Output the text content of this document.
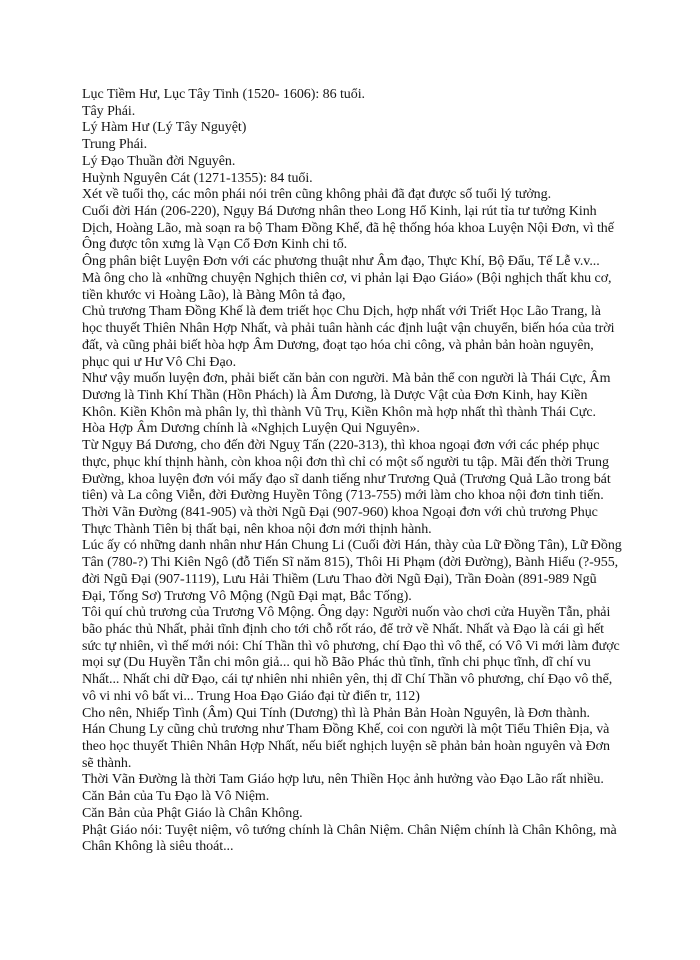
Lục Tiềm Hư, Lục Tây Tinh (1520- 1606): 86 tuổi.
Tây Phái.
Lý Hàm Hư (Lý Tây Nguyệt)
Trung Phái.
Lý Đạo Thuần đời Nguyên.
Huỳnh Nguyên Cát (1271-1355): 84 tuổi.
Xét về tuổi thọ, các môn phái nói trên cũng không phải đã đạt được số tuổi lý tưởng.
Cuối đời Hán (206-220), Ngụy Bá Dương nhân theo Long Hổ Kinh, lại rút tỉa tư tưởng Kinh
Dịch, Hoàng Lão, mà soạn ra bộ Tham Đồng Khế, đã hệ thống hóa khoa Luyện Nội Đơn, vì thế
Ông được tôn xưng là Vạn Cổ Đơn Kinh chi tổ.
Ông phân biệt Luyện Đơn với các phương thuật như Âm đạo, Thực Khí, Bộ Đẩu, Tế Lễ v.v...
Mà ông cho là «những chuyện Nghịch thiên cơ, vi phản lại Đạo Giáo» (Bội nghịch thất khu cơ,
tiền khước vi Hoàng Lão), là Bàng Môn tả đạo,
Chủ trương Tham Đồng Khế là đem triết học Chu Dịch, hợp nhất với Triết Học Lão Trang, là
học thuyết Thiên Nhân Hợp Nhất, và phải tuân hành các định luật vận chuyển, biến hóa của trời
đất, và cũng phải biết hòa hợp Âm Dương, đoạt tạo hóa chi công, và phản bản hoàn nguyên,
phục qui ư Hư Vô Chi Đạo.
Như vậy muốn luyện đơn, phải biết căn bản con người. Mà bản thể con người là Thái Cực, Âm
Dương là Tinh Khí Thần (Hồn Phách) là Âm Dương, là Dược Vật của Đơn Kinh, hay Kiền
Khôn. Kiền Khôn mà phân ly, thì thành Vũ Trụ, Kiền Khôn mà hợp nhất thì thành Thái Cực.
Hòa Hợp Âm Dương chính là «Nghịch Luyện Qui Nguyên».
Từ Ngụy Bá Dương, cho đến đời Nguỵ Tấn (220-313), thì khoa ngoại đơn với các phép phục
thực, phục khí thịnh hành, còn khoa nội đơn thì chỉ có một số người tu tập. Mãi đến thời Trung
Đường, khoa luyện đơn vói mấy đạo sĩ danh tiếng như Trương Quả (Trương Quả Lão trong bát
tiên) và La công Viễn, đời Đường Huyền Tông (713-755) mới làm cho khoa nội đơn tinh tiến.
Thời Vãn Đường (841-905) và thời Ngũ Đại (907-960) khoa Ngoại đơn với chủ trương Phục
Thực Thành Tiên bị thất bại, nên khoa nội đơn mới thịnh hành.
Lúc ấy có những danh nhân như Hán Chung Li (Cuối đời Hán, thày của Lữ Đồng Tân), Lữ Đồng
Tân (780-?) Thi Kiên Ngô (đỗ Tiến Sĩ năm 815), Thôi Hi Phạm (đời Đường), Bành Hiểu (?-955,
đời Ngũ Đại (907-1119), Lưu Hải Thiềm (Lưu Thao đời Ngũ Đại), Trần Đoàn (891-989 Ngũ
Đại, Tống Sơ) Trương Vô Mộng (Ngũ Đại mạt, Bắc Tống).
Tôi quí chủ trương của Trương Vô Mộng. Ông dạy: Người nuốn vào chơi cửa Huyền Tẫn, phải
bão phác thủ Nhất, phải tĩnh định cho tới chỗ rốt ráo, để trở về Nhất. Nhất và Đạo là cái gì hết
sức tự nhiên, vì thế mới nói: Chí Thần thì vô phương, chí Đạo thì vô thể, có Vô Vi mới làm được
mọi sự (Du Huyền Tẫn chi môn giả... qui hồ Bão Phác thủ tĩnh, tĩnh chi phục tĩnh, dĩ chí vu
Nhất... Nhất chi dữ Đạo, cái tự nhiên nhi nhiên yên, thị dĩ Chí Thần vô phương, chí Đạo vô thể,
vô vi nhi vô bất vi... Trung Hoa Đạo Giáo đại từ điển tr, 112)
Cho nên, Nhiếp Tình (Âm) Qui Tính (Dương) thì là Phản Bản Hoàn Nguyên, là Đơn thành.
Hán Chung Ly cũng chủ trương như Tham Đồng Khế, coi con người là một Tiểu Thiên Địa, và
theo học thuyết Thiên Nhân Hợp Nhất, nếu biết nghịch luyện sẽ phản bản hoàn nguyên và Đơn
sẽ thành.
Thời Vãn Đường là thời Tam Giáo hợp lưu, nên Thiền Học ảnh hưởng vào Đạo Lão rất nhiều.
Căn Bản của Tu Đạo là Vô Niệm.
Căn Bản của Phật Giáo là Chân Không.
Phật Giáo nói: Tuyệt niệm, vô tướng chính là Chân Niệm. Chân Niệm chính là Chân Không, mà
Chân Không là siêu thoát...
